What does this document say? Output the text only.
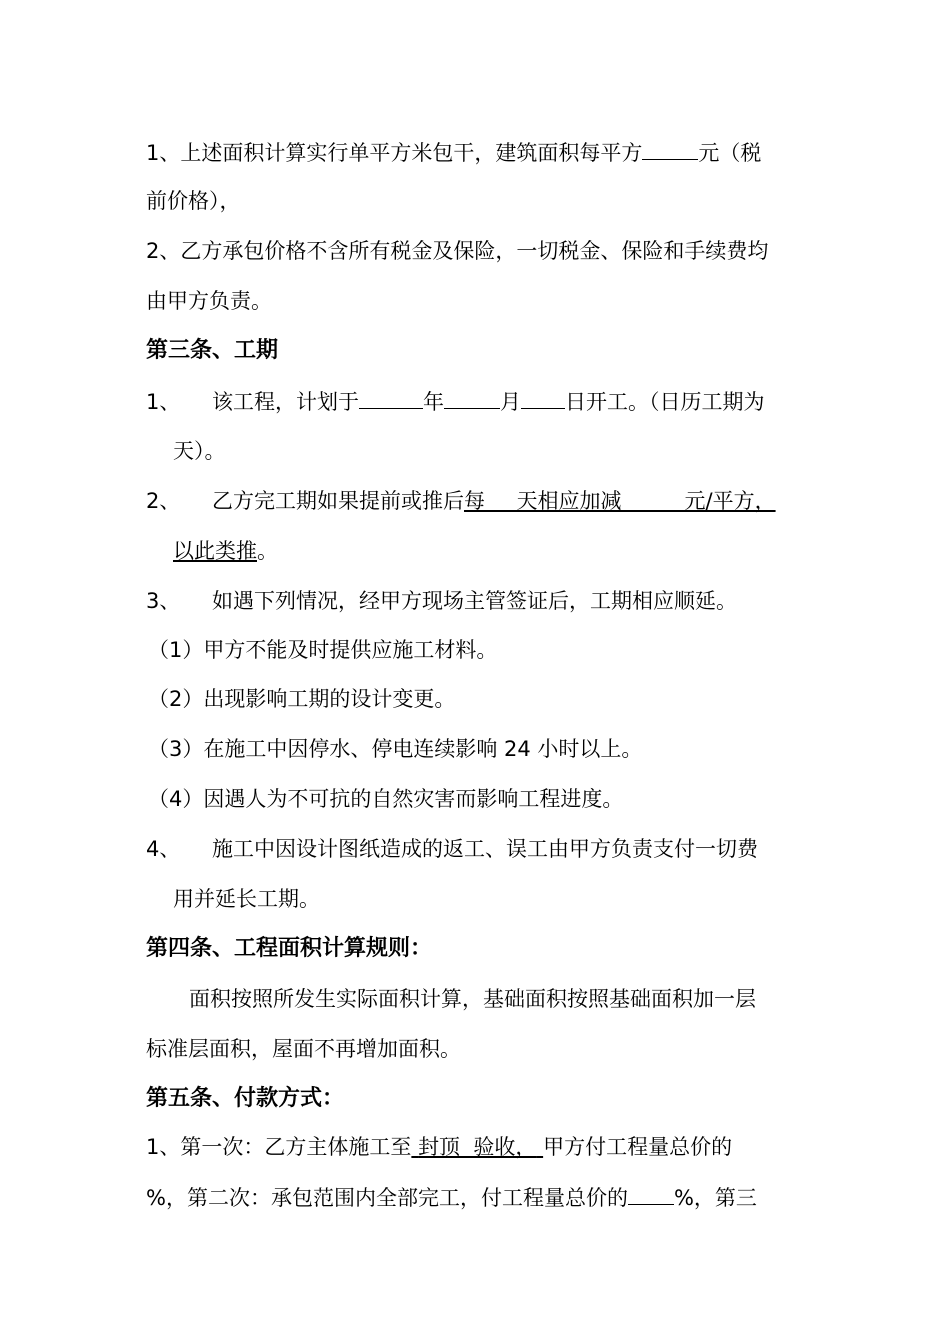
1、上述面积计算实行单平方米包干，建筑面积每平方	元（税
前价格），
2、乙方承包价格不含所有税金及保险，一切税金、保险和手续费均
由甲方负责。
第三条、工期
1、 该工程，计划于	年	月 日开工。（日历工期为
天）。
2、 乙方完工期如果提前或推后每   天相应加减   	元/平方，
以此类推。
3、 如遇下列情况，经甲方现场主管签证后，工期相应顺延。
（1）甲方不能及时提供应施工材料。
（2）出现影响工期的设计变更。
（3）在施工中因停水、停电连续影响 24 小时以上。
（4）因遇人为不可抗的自然灾害而影响工程进度。
4、 施工中因设计图纸造成的返工、误工由甲方负责支付一切费
用并延长工期。
第四条、工程面积计算规则：
面积按照所发生实际面积计算，基础面积按照基础面积加一层
标准层面积，屋面不再增加面积。
第五条、付款方式：
1、第一次：乙方主体施工至 封顶  验收， 甲方付工程量总价的
%，第二次：承包范围内全部完工，付工程量总价的 %，第三
